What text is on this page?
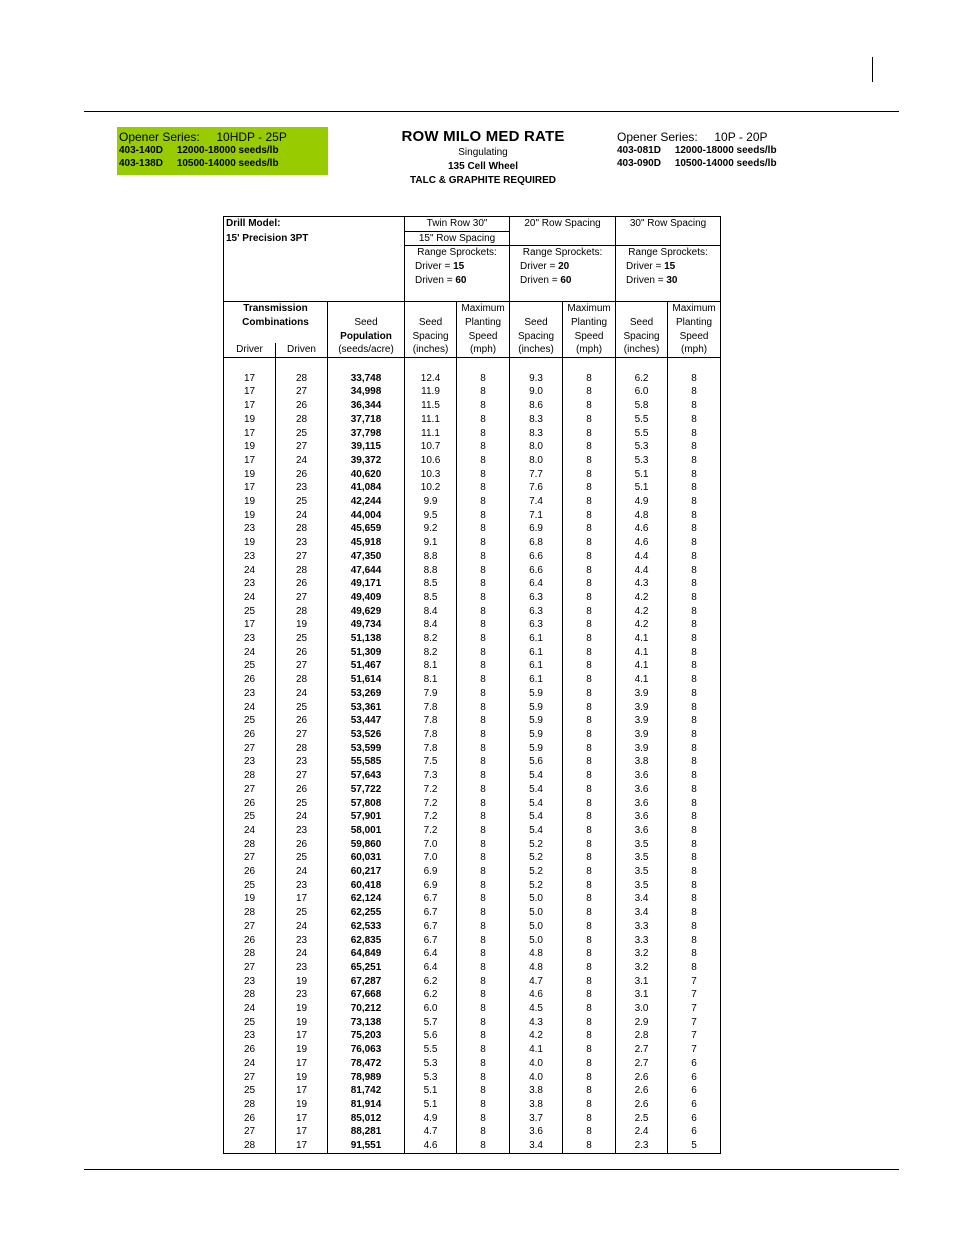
Opener Series:     10HDP - 25P
403-140D     12000-18000 seeds/lb
403-138D     10500-14000 seeds/lb
ROW MILO MED RATE
Singulating
135 Cell Wheel
TALC & GRAPHITE REQUIRED
Opener Series:     10P - 20P
403-081D     12000-18000 seeds/lb
403-090D     10500-14000 seeds/lb
Drill Model:			Twin Row 30"		20" Row Spacing		30" Row Spacing	
15' Precision 3PT			15" Row Spacing					
			Range Sprockets:		Range Sprockets:		Range Sprockets:	
			Driver = 15		Driver = 20		Driver = 15	
			Driven = 60		Driven = 60		Driven = 30	

Transmission				Maximum		Maximum		Maximum
Combinations		Seed	Seed	Planting	Seed	Planting	Seed	Planting
		Population	Spacing	Speed	Spacing	Speed	Spacing	Speed
Driver	Driven	(seeds/acre)	(inches)	(mph)	(inches)	(mph)	(inches)	(mph)

17	28	33,748	12.4	8	9.3	8	6.2	8
17	27	34,998	11.9	8	9.0	8	6.0	8
17	26	36,344	11.5	8	8.6	8	5.8	8
19	28	37,718	11.1	8	8.3	8	5.5	8
17	25	37,798	11.1	8	8.3	8	5.5	8
19	27	39,115	10.7	8	8.0	8	5.3	8
17	24	39,372	10.6	8	8.0	8	5.3	8
19	26	40,620	10.3	8	7.7	8	5.1	8
17	23	41,084	10.2	8	7.6	8	5.1	8
19	25	42,244	9.9	8	7.4	8	4.9	8
19	24	44,004	9.5	8	7.1	8	4.8	8
23	28	45,659	9.2	8	6.9	8	4.6	8
19	23	45,918	9.1	8	6.8	8	4.6	8
23	27	47,350	8.8	8	6.6	8	4.4	8
24	28	47,644	8.8	8	6.6	8	4.4	8
23	26	49,171	8.5	8	6.4	8	4.3	8
24	27	49,409	8.5	8	6.3	8	4.2	8
25	28	49,629	8.4	8	6.3	8	4.2	8
17	19	49,734	8.4	8	6.3	8	4.2	8
23	25	51,138	8.2	8	6.1	8	4.1	8
24	26	51,309	8.2	8	6.1	8	4.1	8
25	27	51,467	8.1	8	6.1	8	4.1	8
26	28	51,614	8.1	8	6.1	8	4.1	8
23	24	53,269	7.9	8	5.9	8	3.9	8
24	25	53,361	7.8	8	5.9	8	3.9	8
25	26	53,447	7.8	8	5.9	8	3.9	8
26	27	53,526	7.8	8	5.9	8	3.9	8
27	28	53,599	7.8	8	5.9	8	3.9	8
23	23	55,585	7.5	8	5.6	8	3.8	8
28	27	57,643	7.3	8	5.4	8	3.6	8
27	26	57,722	7.2	8	5.4	8	3.6	8
26	25	57,808	7.2	8	5.4	8	3.6	8
25	24	57,901	7.2	8	5.4	8	3.6	8
24	23	58,001	7.2	8	5.4	8	3.6	8
28	26	59,860	7.0	8	5.2	8	3.5	8
27	25	60,031	7.0	8	5.2	8	3.5	8
26	24	60,217	6.9	8	5.2	8	3.5	8
25	23	60,418	6.9	8	5.2	8	3.5	8
19	17	62,124	6.7	8	5.0	8	3.4	8
28	25	62,255	6.7	8	5.0	8	3.4	8
27	24	62,533	6.7	8	5.0	8	3.3	8
26	23	62,835	6.7	8	5.0	8	3.3	8
28	24	64,849	6.4	8	4.8	8	3.2	8
27	23	65,251	6.4	8	4.8	8	3.2	8
23	19	67,287	6.2	8	4.7	8	3.1	7
28	23	67,668	6.2	8	4.6	8	3.1	7
24	19	70,212	6.0	8	4.5	8	3.0	7
25	19	73,138	5.7	8	4.3	8	2.9	7
23	17	75,203	5.6	8	4.2	8	2.8	7
26	19	76,063	5.5	8	4.1	8	2.7	7
24	17	78,472	5.3	8	4.0	8	2.7	6
27	19	78,989	5.3	8	4.0	8	2.6	6
25	17	81,742	5.1	8	3.8	8	2.6	6
28	19	81,914	5.1	8	3.8	8	2.6	6
26	17	85,012	4.9	8	3.7	8	2.5	6
27	17	88,281	4.7	8	3.6	8	2.4	6
28	17	91,551	4.6	8	3.4	8	2.3	5
